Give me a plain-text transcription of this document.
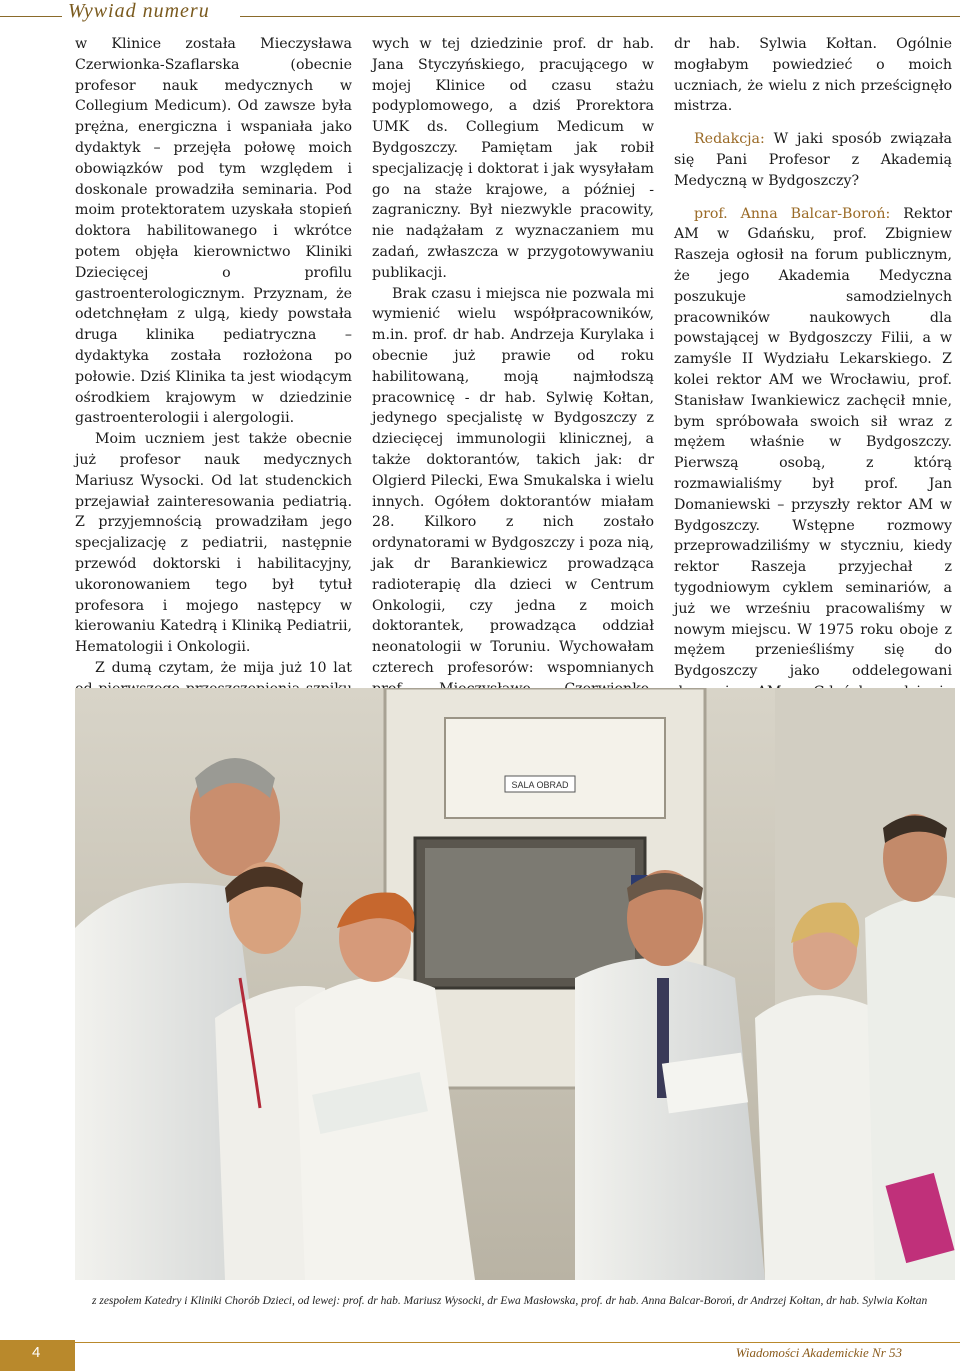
Wywiad numeru

w Klinice została Mieczysława Czerwionka-Szaflarska (obecnie profesor nauk medycznych w Collegium Medicum). Od zawsze była prężna, energiczna i wspaniała jako dydaktyk – przejęła połowę moich obowiązków pod tym względem i doskonale prowadziła seminaria. Pod moim protektoratem uzyskała stopień doktora habilitowanego i wkrótce potem objęła kierownictwo Kliniki Dziecięcej o profilu gastroenterologicznym. Przyznam, że odetchnęłam z ulgą, kiedy powstała druga klinika pediatryczna – dydaktyka została rozłożona po połowie. Dziś Klinika ta jest wiodącym ośrodkiem krajowym w dziedzinie gastroenterologii i alergologii.

Moim uczniem jest także obecnie już profesor nauk medycznych Mariusz Wysocki. Od lat studenckich przejawiał zainteresowania pediatrią. Z przyjemnością prowadziłam jego specjalizację z pediatrii, następnie przewód doktorski i habilitacyjny, ukoronowaniem tego był tytuł profesora i mojego następcy w kierowaniu Katedrą i Kliniką Pediatrii, Hematologii i Onkologii.

Z dumą czytam, że mija już 10 lat

wych w tej dziedzinie prof. dr hab. Jana Styczyńskiego, pracującego w mojej Klinice od czasu stażu podyplomowego, a dziś Prorektora UMK ds. Collegium Medicum w Bydgoszczy. Pamiętam jak robił specjalizację i doktorat i jak wysyłałam go na staże krajowe, a później - zagraniczny. Był niezwykle pracowity, nie nadążałam z wyznaczaniem mu zadań, zwłaszcza w przygotowywaniu publikacji.

Brak czasu i miejsca nie pozwala mi wymienić wielu współpracowników, m.in. prof. dr hab. Andrzeja Kurylaka i obecnie już prawie od roku habilitowaną, moją najmłodszą pracownicę - dr hab. Sylwię Kołtan, jedynego specjalistę w Bydgoszczy z dziecięcej immunologii klinicznej, a także doktorantów, takich jak: dr Olgierd Pilecki, Ewa Smukalska i wielu innych. Ogółem doktorantów miałam 28. Kilkoro z nich zostało ordynatorami w Bydgoszczy i poza nią, jak dr Barankiewicz prowadząca radioterapię dla dzieci w Centrum Onkologii, czy jedna z moich doktorantek, prowadząca oddział neonatologii w Toruniu. Wychowałam czterech profesorów: wspomnianych

dr hab. Sylwia Kołtan. Ogólnie mogłabym powiedzieć o moich uczniach, że wielu z nich prześcignęło mistrza.

Redakcja: W jaki sposób związała się Pani Profesor z Akademią Medyczną w Bydgoszczy?

prof. Anna Balcar-Boroń: Rektor AM w Gdańsku, prof. Zbigniew Raszeja ogłosił na forum publicznym, że jego Akademia Medyczna poszukuje samodzielnych pracowników naukowych dla powstającej w Bydgoszczy Filii, a w zamyśle II Wydziału Lekarskiego. Z kolei rektor AM we Wrocławiu, prof. Stanisław Iwankiewicz zachęcił mnie, bym spróbowała swoich sił wraz z mężem właśnie w Bydgoszczy. Pierwszą osobą, z którą rozmawialiśmy był prof. Jan Domaniewski – przyszły rektor AM w Bydgoszczy. Wstępne rozmowy przeprowadziliśmy w styczniu, kiedy rektor Raszeja przyjechał z tygodniowym cyklem seminariów, a już we wrześniu pracowaliśmy w nowym miejscu. W 1975 roku oboje z mężem przenieśliśmy się do Bydgoszczy jako oddelegowani

SALA OBRAD
z zespołem Katedry i Kliniki Chorób Dzieci, od lewej: prof. dr hab. Mariusz Wysocki, dr Ewa Masłowska, prof. dr hab. Anna Balcar-Boroń, dr Andrzej Kołtan, dr hab. Sylwia Kołtan
4	Wiadomości Akademickie Nr 53
